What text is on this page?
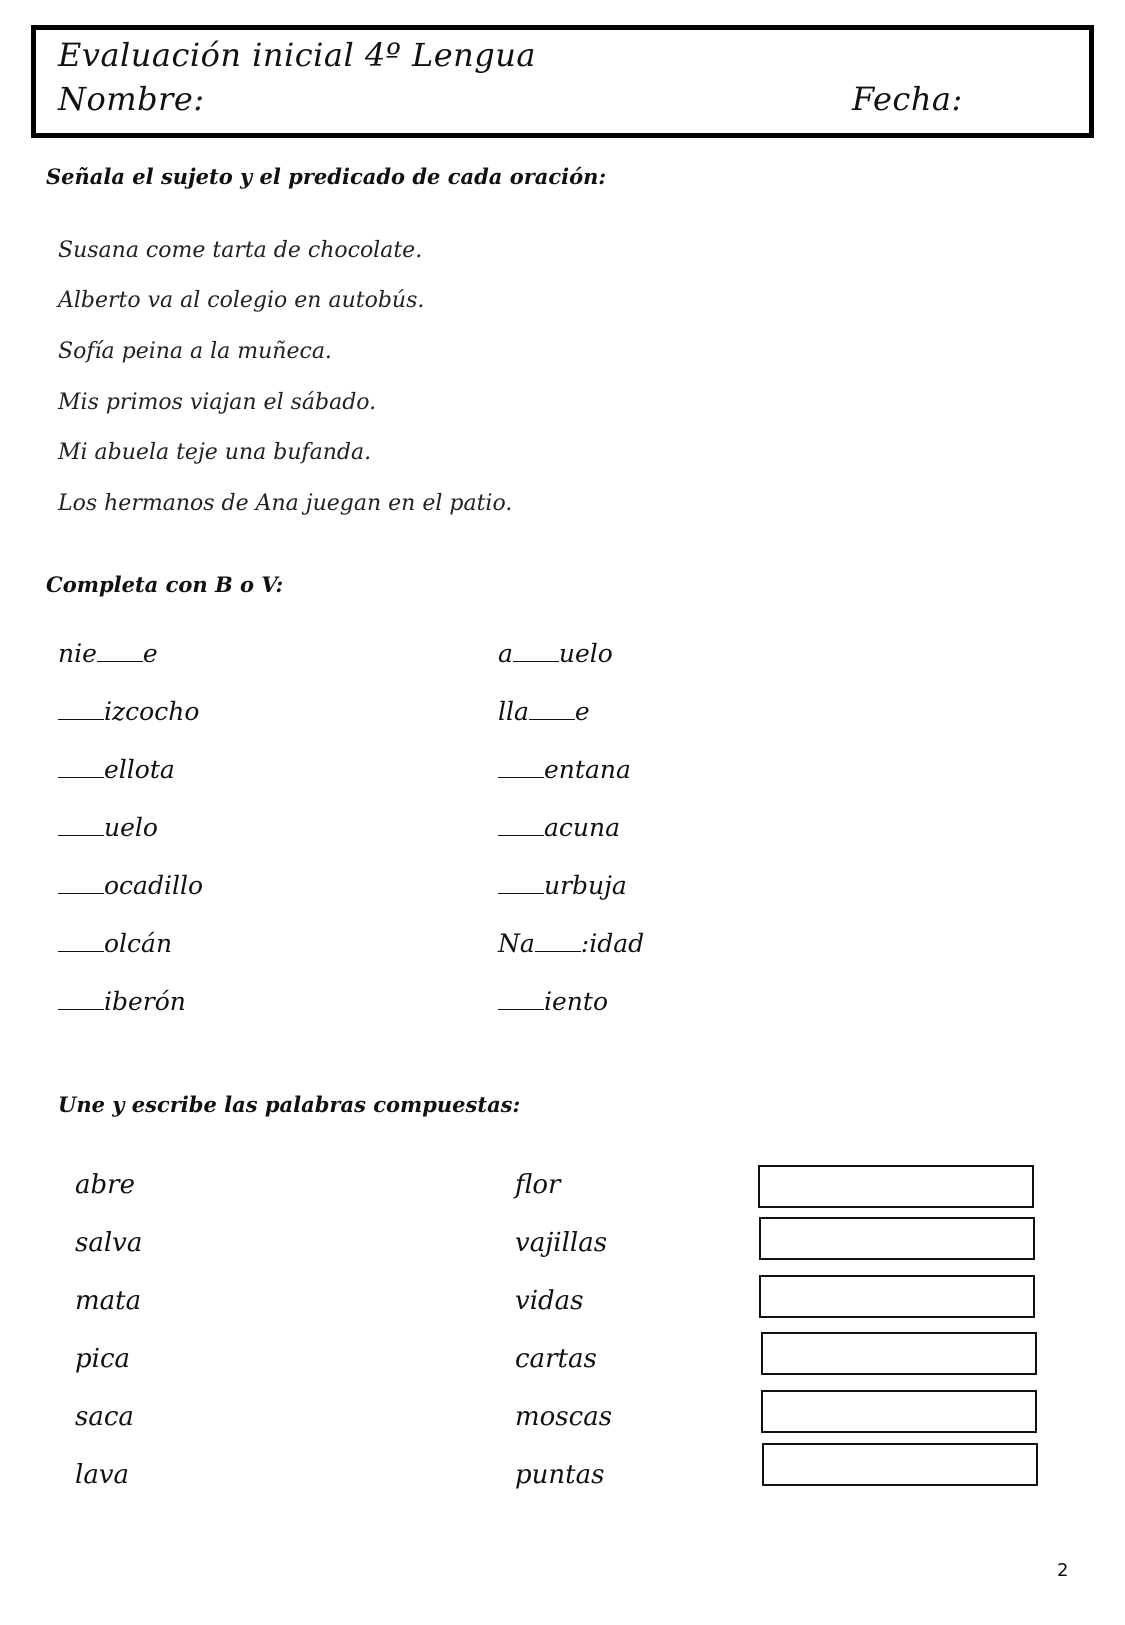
Evaluación inicial 4º Lengua
Nombre:	Fecha:
Señala el sujeto y el predicado de cada oración:
Susana come tarta de chocolate.
Alberto va al colegio en autobús.
Sofía peina a la muñeca.
Mis primos viajan el sábado.
Mi abuela teje una bufanda.
Los hermanos de Ana juegan en el patio.
Completa con B o V:
nie e
izcocho
ellota
uelo
ocadillo
olcán
iberón
a uelo
lla e
entana
acuna
urbuja
Na :idad
iento
Une y escribe las palabras compuestas:
abre
salva
mata
pica
saca
lava
flor
vajillas
vidas
cartas
moscas
puntas
2
